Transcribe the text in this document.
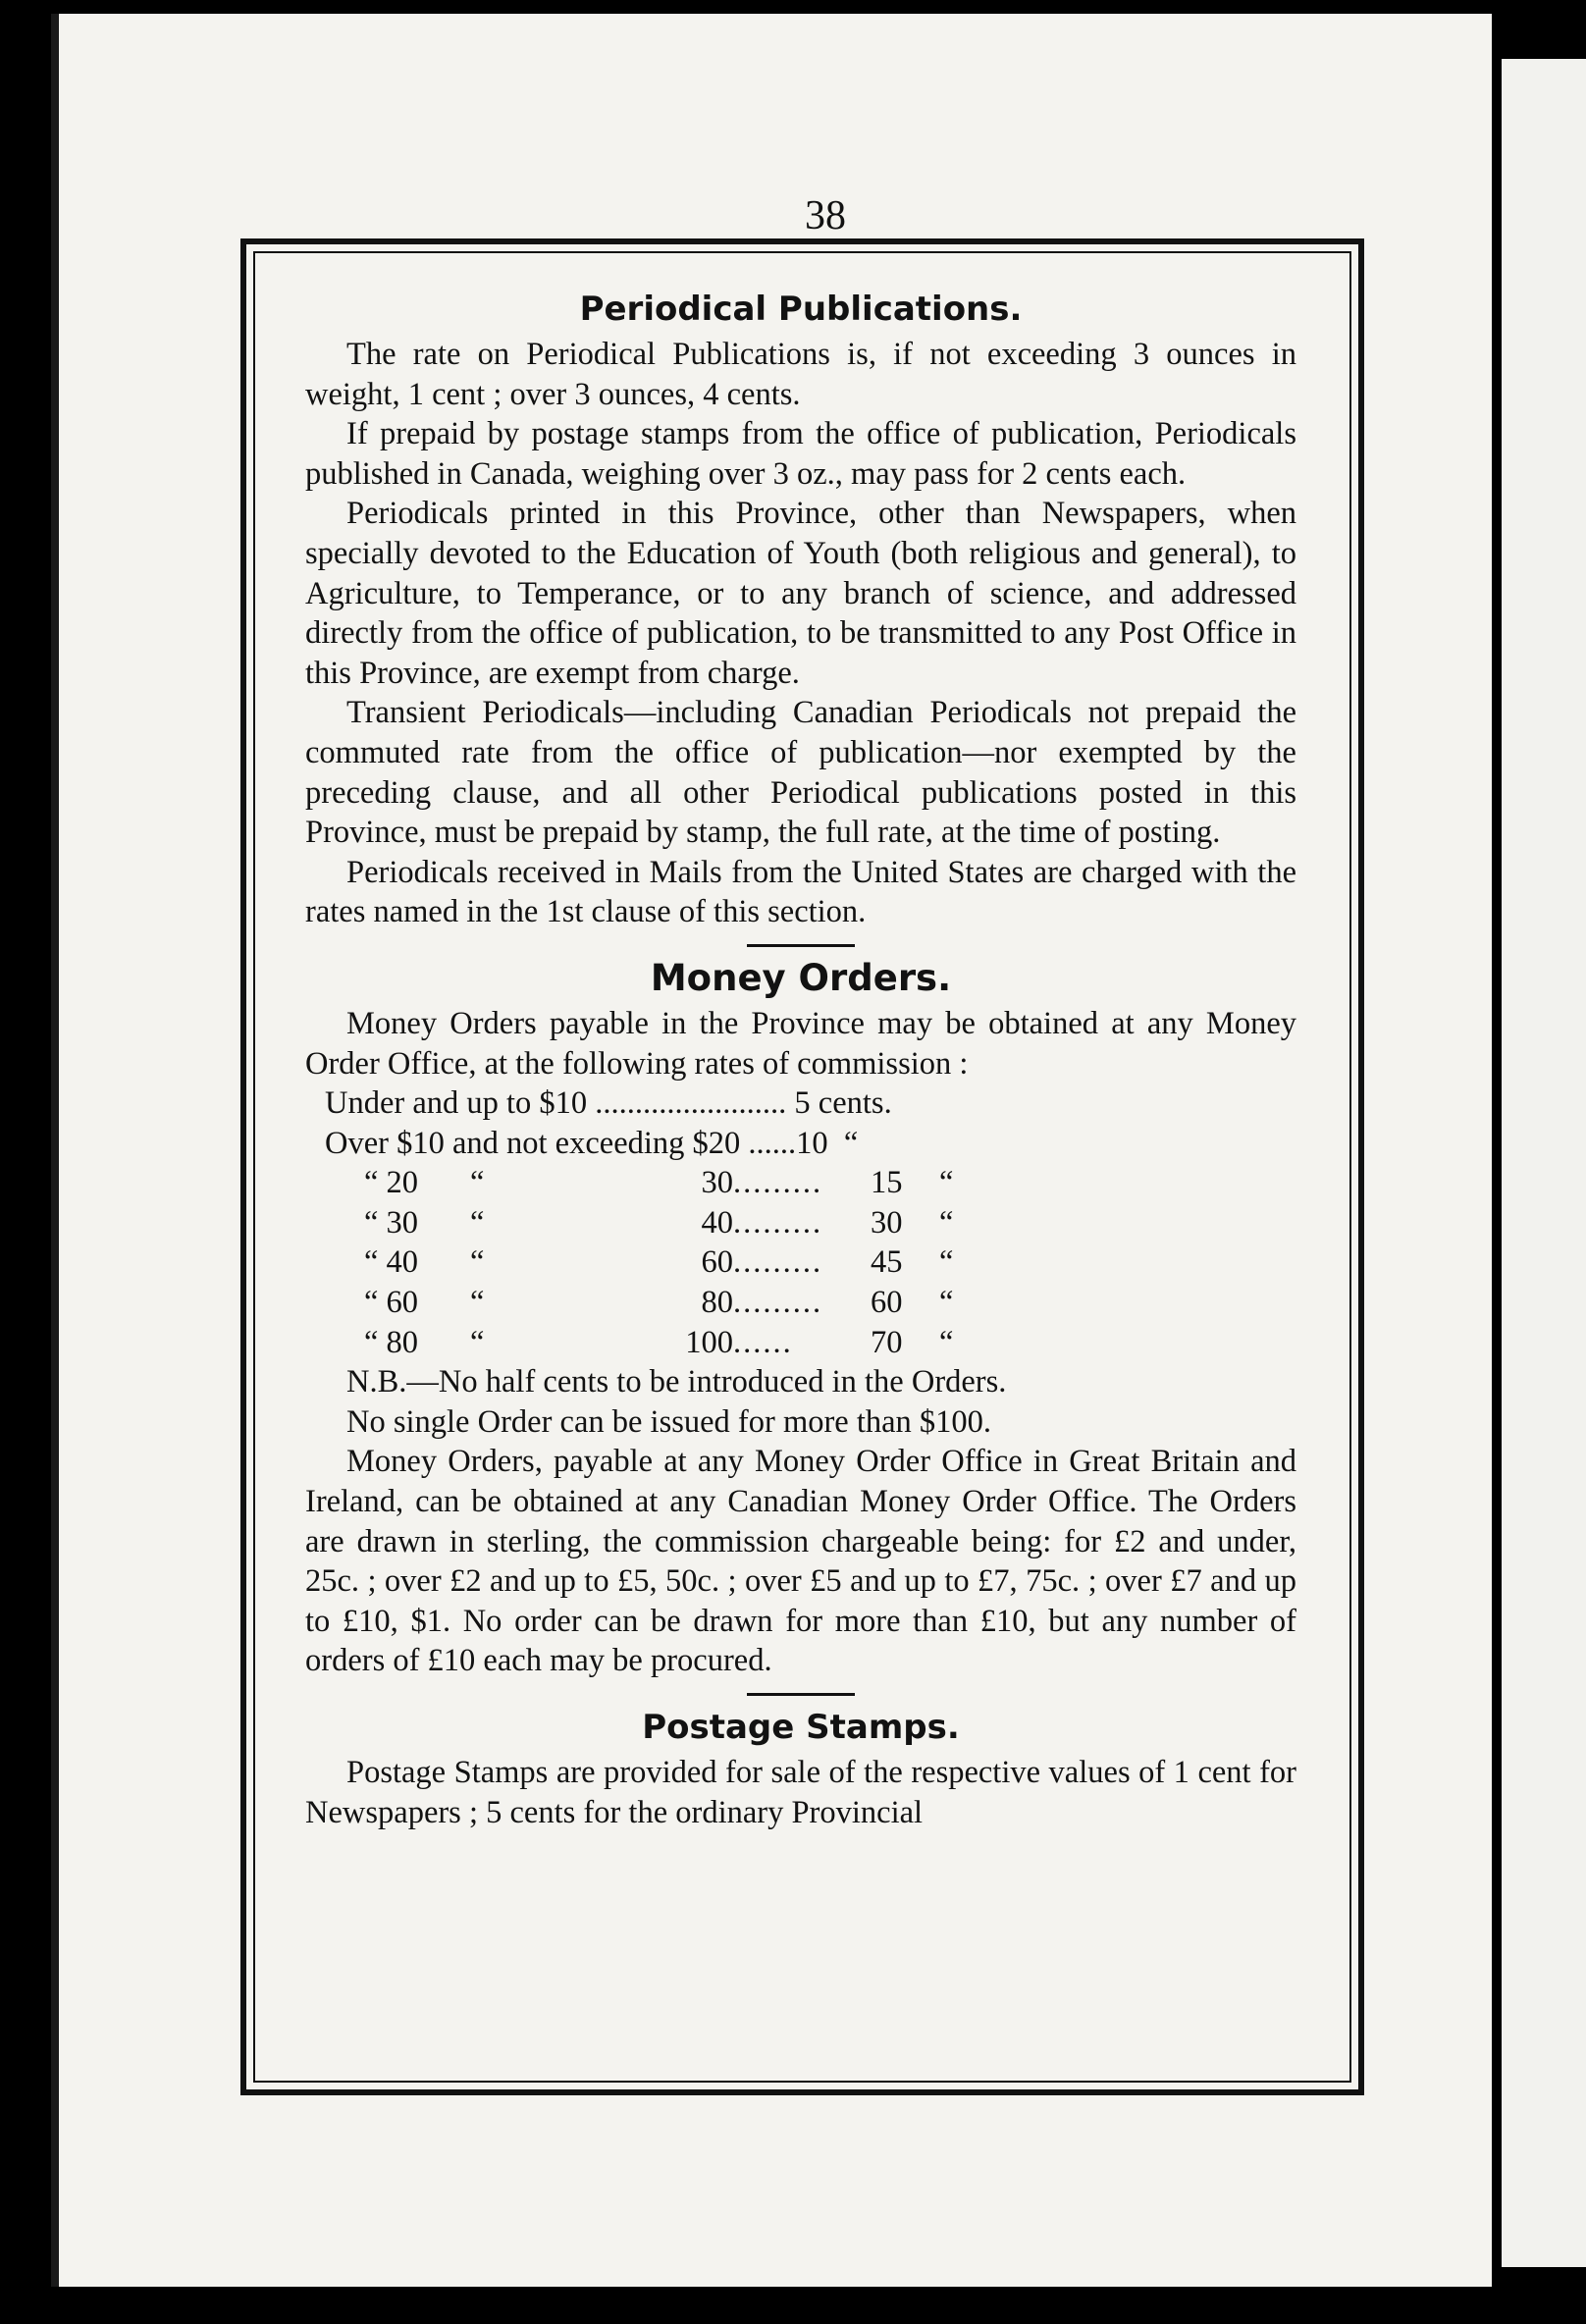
38
Periodical Publications.

The rate on Periodical Publications is, if not exceeding 3 ounces in weight, 1 cent ; over 3 ounces, 4 cents.

If prepaid by postage stamps from the office of publication, Periodicals published in Canada, weighing over 3 oz., may pass for 2 cents each.

Periodicals printed in this Province, other than Newspapers, when specially devoted to the Education of Youth (both religious and general), to Agriculture, to Temperance, or to any branch of science, and addressed directly from the office of publication, to be transmitted to any Post Office in this Province, are exempt from charge.

Transient Periodicals—including Canadian Periodicals not prepaid the commuted rate from the office of publication—nor exempted by the preceding clause, and all other Periodical publications posted in this Province, must be prepaid by stamp, the full rate, at the time of posting.

Periodicals received in Mails from the United States are charged with the rates named in the 1st clause of this section.

Money Orders.

Money Orders payable in the Province may be obtained at any Money Order Office, at the following rates of commission :

Under and up to $10 ........................ 5 cents.
Over $10 and not exceeding $20 ......10  “
“ 20	“	30 .........	15	“
“ 30	“	40 .........	30	“
“ 40	“	60 .........	45	“
“ 60	“	80 .........	60	“
“ 80	“	100 ......	70	“

N.B.—No half cents to be introduced in the Orders.

No single Order can be issued for more than $100.

Money Orders, payable at any Money Order Office in Great Britain and Ireland, can be obtained at any Canadian Money Order Office. The Orders are drawn in sterling, the commission chargeable being: for £2 and under, 25c. ; over £2 and up to £5, 50c. ; over £5 and up to £7, 75c. ; over £7 and up to £10, $1. No order can be drawn for more than £10, but any number of orders of £10 each may be procured.

Postage Stamps.

Postage Stamps are provided for sale of the respective values of 1 cent for Newspapers ; 5 cents for the ordinary Provincial
